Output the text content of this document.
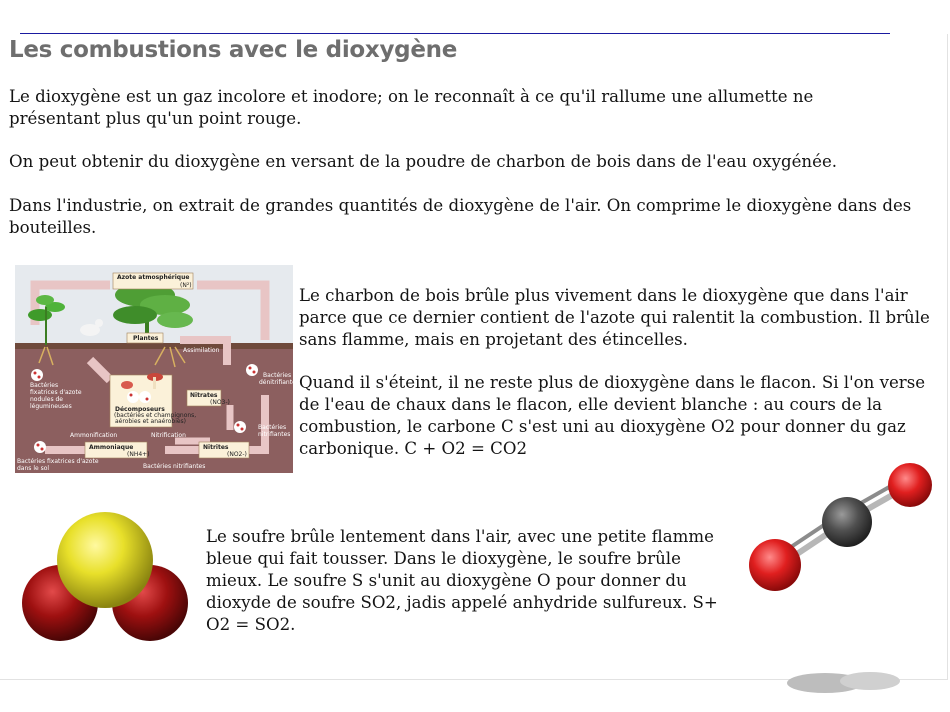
Les combustions avec le dioxygène

Le dioxygène est un gaz incolore et inodore; on le reconnaît à ce qu'il rallume une allumette ne présentant plus qu'un point rouge.

On peut obtenir du dioxygène en versant de la poudre de charbon de bois dans de l'eau oxygénée.

Dans l'industrie, on extrait de grandes quantités de dioxygène de l'air. On comprime le dioxygène dans des bouteilles.

Azote atmosphérique
(N²)
Plantes
Assimilation
Bactéries
fixatrices d'azote
nodules de
légumineuses	Décomposeurs
(bactéries et champignons,
aérobies et anaérobies)
Nitrates
(NO3-)
Bactéries
dénitrifiantes
Ammonification	Nitrification
Ammoniaque
(NH4+)
Nitrites
(NO2-)
Bactéries
nitrifiantes
Bactéries fixatrices d'azote
dans le sol	Bactéries nitrifiantes

Le charbon de bois brûle plus vivement dans le dioxygène que dans l'air parce que ce dernier contient de l'azote qui ralentit la combustion. Il brûle sans flamme, mais en projetant des étincelles.

Quand il s'éteint, il ne reste plus de dioxygène dans le flacon. Si l'on verse de l'eau de chaux dans le flacon, elle devient blanche : au cours de la combustion, le carbone C s'est uni au dioxygène O2 pour donner du gaz carbonique. C + O2 = CO2

Le soufre brûle lentement dans l'air, avec une petite flamme bleue qui fait tousser. Dans le dioxygène, le soufre brûle mieux. Le soufre S s'unit au dioxygène O pour donner du dioxyde de soufre SO2, jadis appelé anhydride sulfureux. S+ O2 = SO2.
